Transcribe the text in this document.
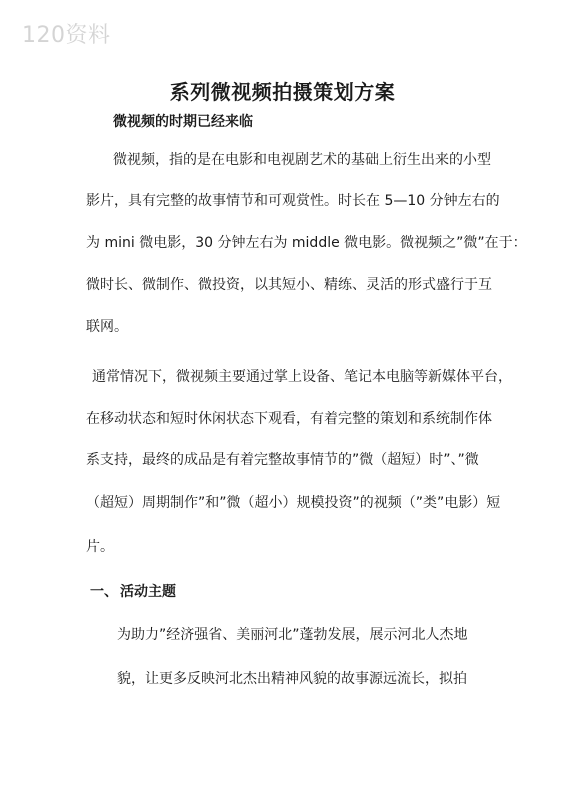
120资料
系列微视频拍摄策划方案
微视频的时期已经来临
微视频，指的是在电影和电视剧艺术的基础上衍生出来的小型
影片，具有完整的故事情节和可观赏性。时长在 5—10 分钟左右的
为 mini 微电影，30 分钟左右为 middle 微电影。微视频之”微”在于：
微时长、微制作、微投资，以其短小、精练、灵活的形式盛行于互
联网。
通常情况下，微视频主要通过掌上设备、笔记本电脑等新媒体平台，
在移动状态和短时休闲状态下观看，有着完整的策划和系统制作体
系支持，最终的成品是有着完整故事情节的”微（超短）时”、”微
（超短）周期制作”和”微（超小）规模投资”的视频（”类”电影）短
片。
一、 活动主题
为助力”经济强省、美丽河北”蓬勃发展，展示河北人杰地
貌，让更多反映河北杰出精神风貌的故事源远流长，拟拍
